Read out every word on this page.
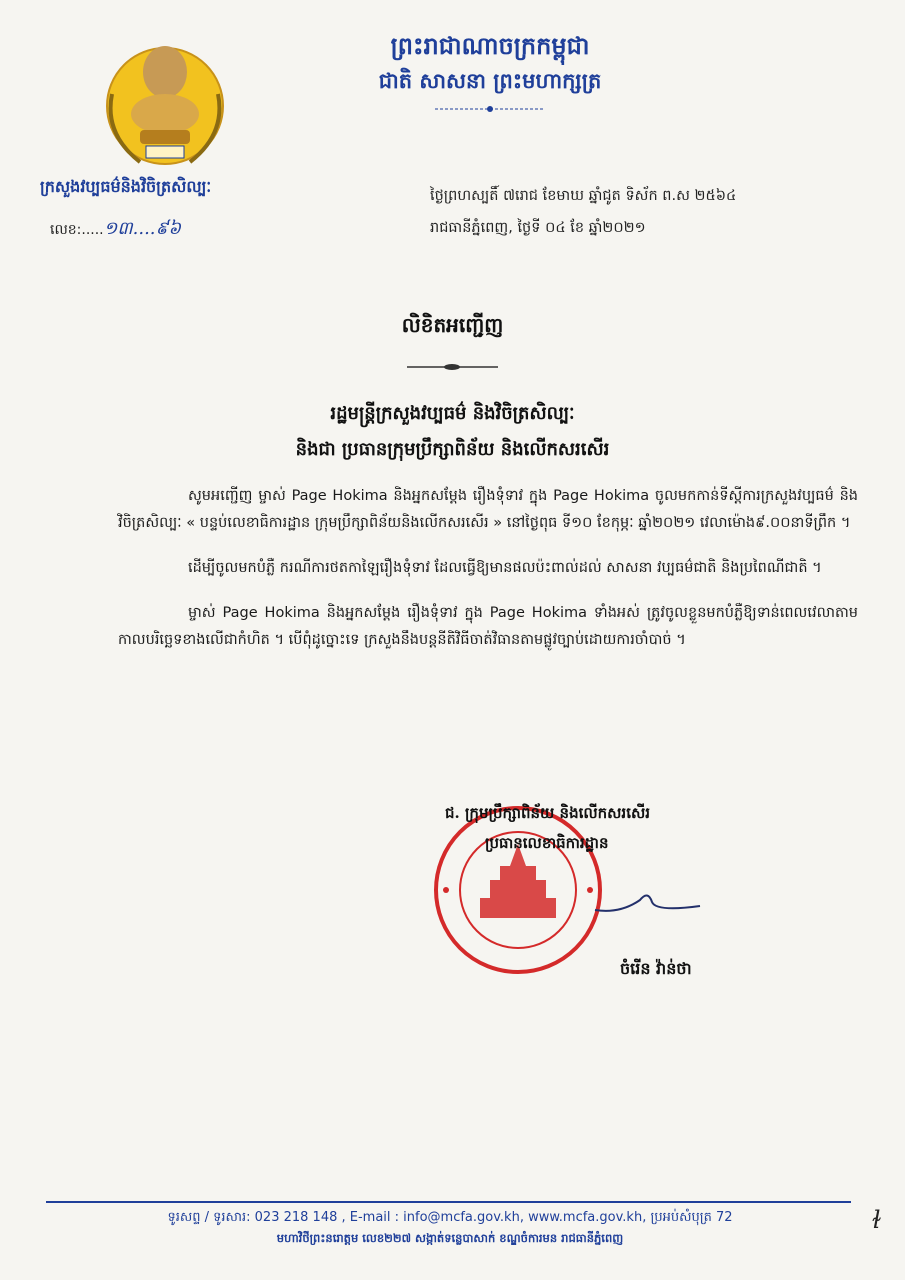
ព្រះរាជាណាចក្រកម្ពុជា
ជាតិ សាសនា ព្រះមហាក្សត្រ
ក្រសួងវប្បធម៌និងវិចិត្រសិល្បៈ
លេខ:.....១៣....៩៦
ថ្ងៃព្រហស្បតិ៍ ៧រោជ ខែមាឃ ឆ្នាំជូត ទិស័ក ព.ស ២៥៦៤
រាជធានីភ្នំពេញ, ថ្ងៃទី ០៤ ខែ ឆ្នាំ២០២១
លិខិតអញ្ជើញ
រដ្ឋមន្ត្រីក្រសួងវប្បធម៌ និងវិចិត្រសិល្បៈ
និងជា ប្រធានក្រុមប្រឹក្សាពិន័យ និងលើកសរសើរ

សូមអញ្ជើញ ម្ចាស់ Page Hokima និងអ្នកសម្តែង រឿងទុំទាវ ក្នុង Page Hokima ចូលមកកាន់ទីស្តីការក្រសួងវប្បធម៌ និងវិចិត្រសិល្បៈ « បន្ទប់លេខាធិការដ្ឋាន ក្រុមប្រឹក្សាពិន័យនិងលើកសរសើរ » នៅថ្ងៃពុធ ទី១០ ខែកុម្ភៈ ឆ្នាំ២០២១ វេលាម៉ោង៩.០០នាទីព្រឹក ។

ដើម្បីចូលមកបំភ្លឺ ករណីការថតកាឡៃរឿងទុំទាវ ដែលធ្វើឱ្យមានផលប៉ះពាល់ដល់ សាសនា វប្បធម៌ជាតិ និងប្រពៃណីជាតិ ។

ម្ចាស់ Page Hokima និងអ្នកសម្តែង រឿងទុំទាវ ក្នុង Page Hokima ទាំងអស់ ត្រូវចូលខ្លួនមកបំភ្លឺឱ្យទាន់ពេលវេលាតាមកាលបរិច្ឆេទខាងលើជាកំហិត ។ បើពុំដូច្នោះទេ ក្រសួងនឹងបន្តនីតិវិធីចាត់វិធានតាមផ្លូវច្បាប់ដោយការចាំបាច់ ។

ជ. ក្រុមប្រឹក្សាពិន័យ និងលើកសរសើរ
ប្រធានលេខាធិការដ្ឋាន
ចំរើន វ៉ាន់ថា
ទូរសព្ទ / ទូរសារ: 023 218 148 , E-mail : info@mcfa.gov.kh, www.mcfa.gov.kh, ប្រអប់សំបុត្រ 72
មហាវិថីព្រះនរោត្តម លេខ២២៧ សង្កាត់ទន្លេបាសាក់ ខណ្ឌចំការមន រាជធានីភ្នំពេញ
ɫ
